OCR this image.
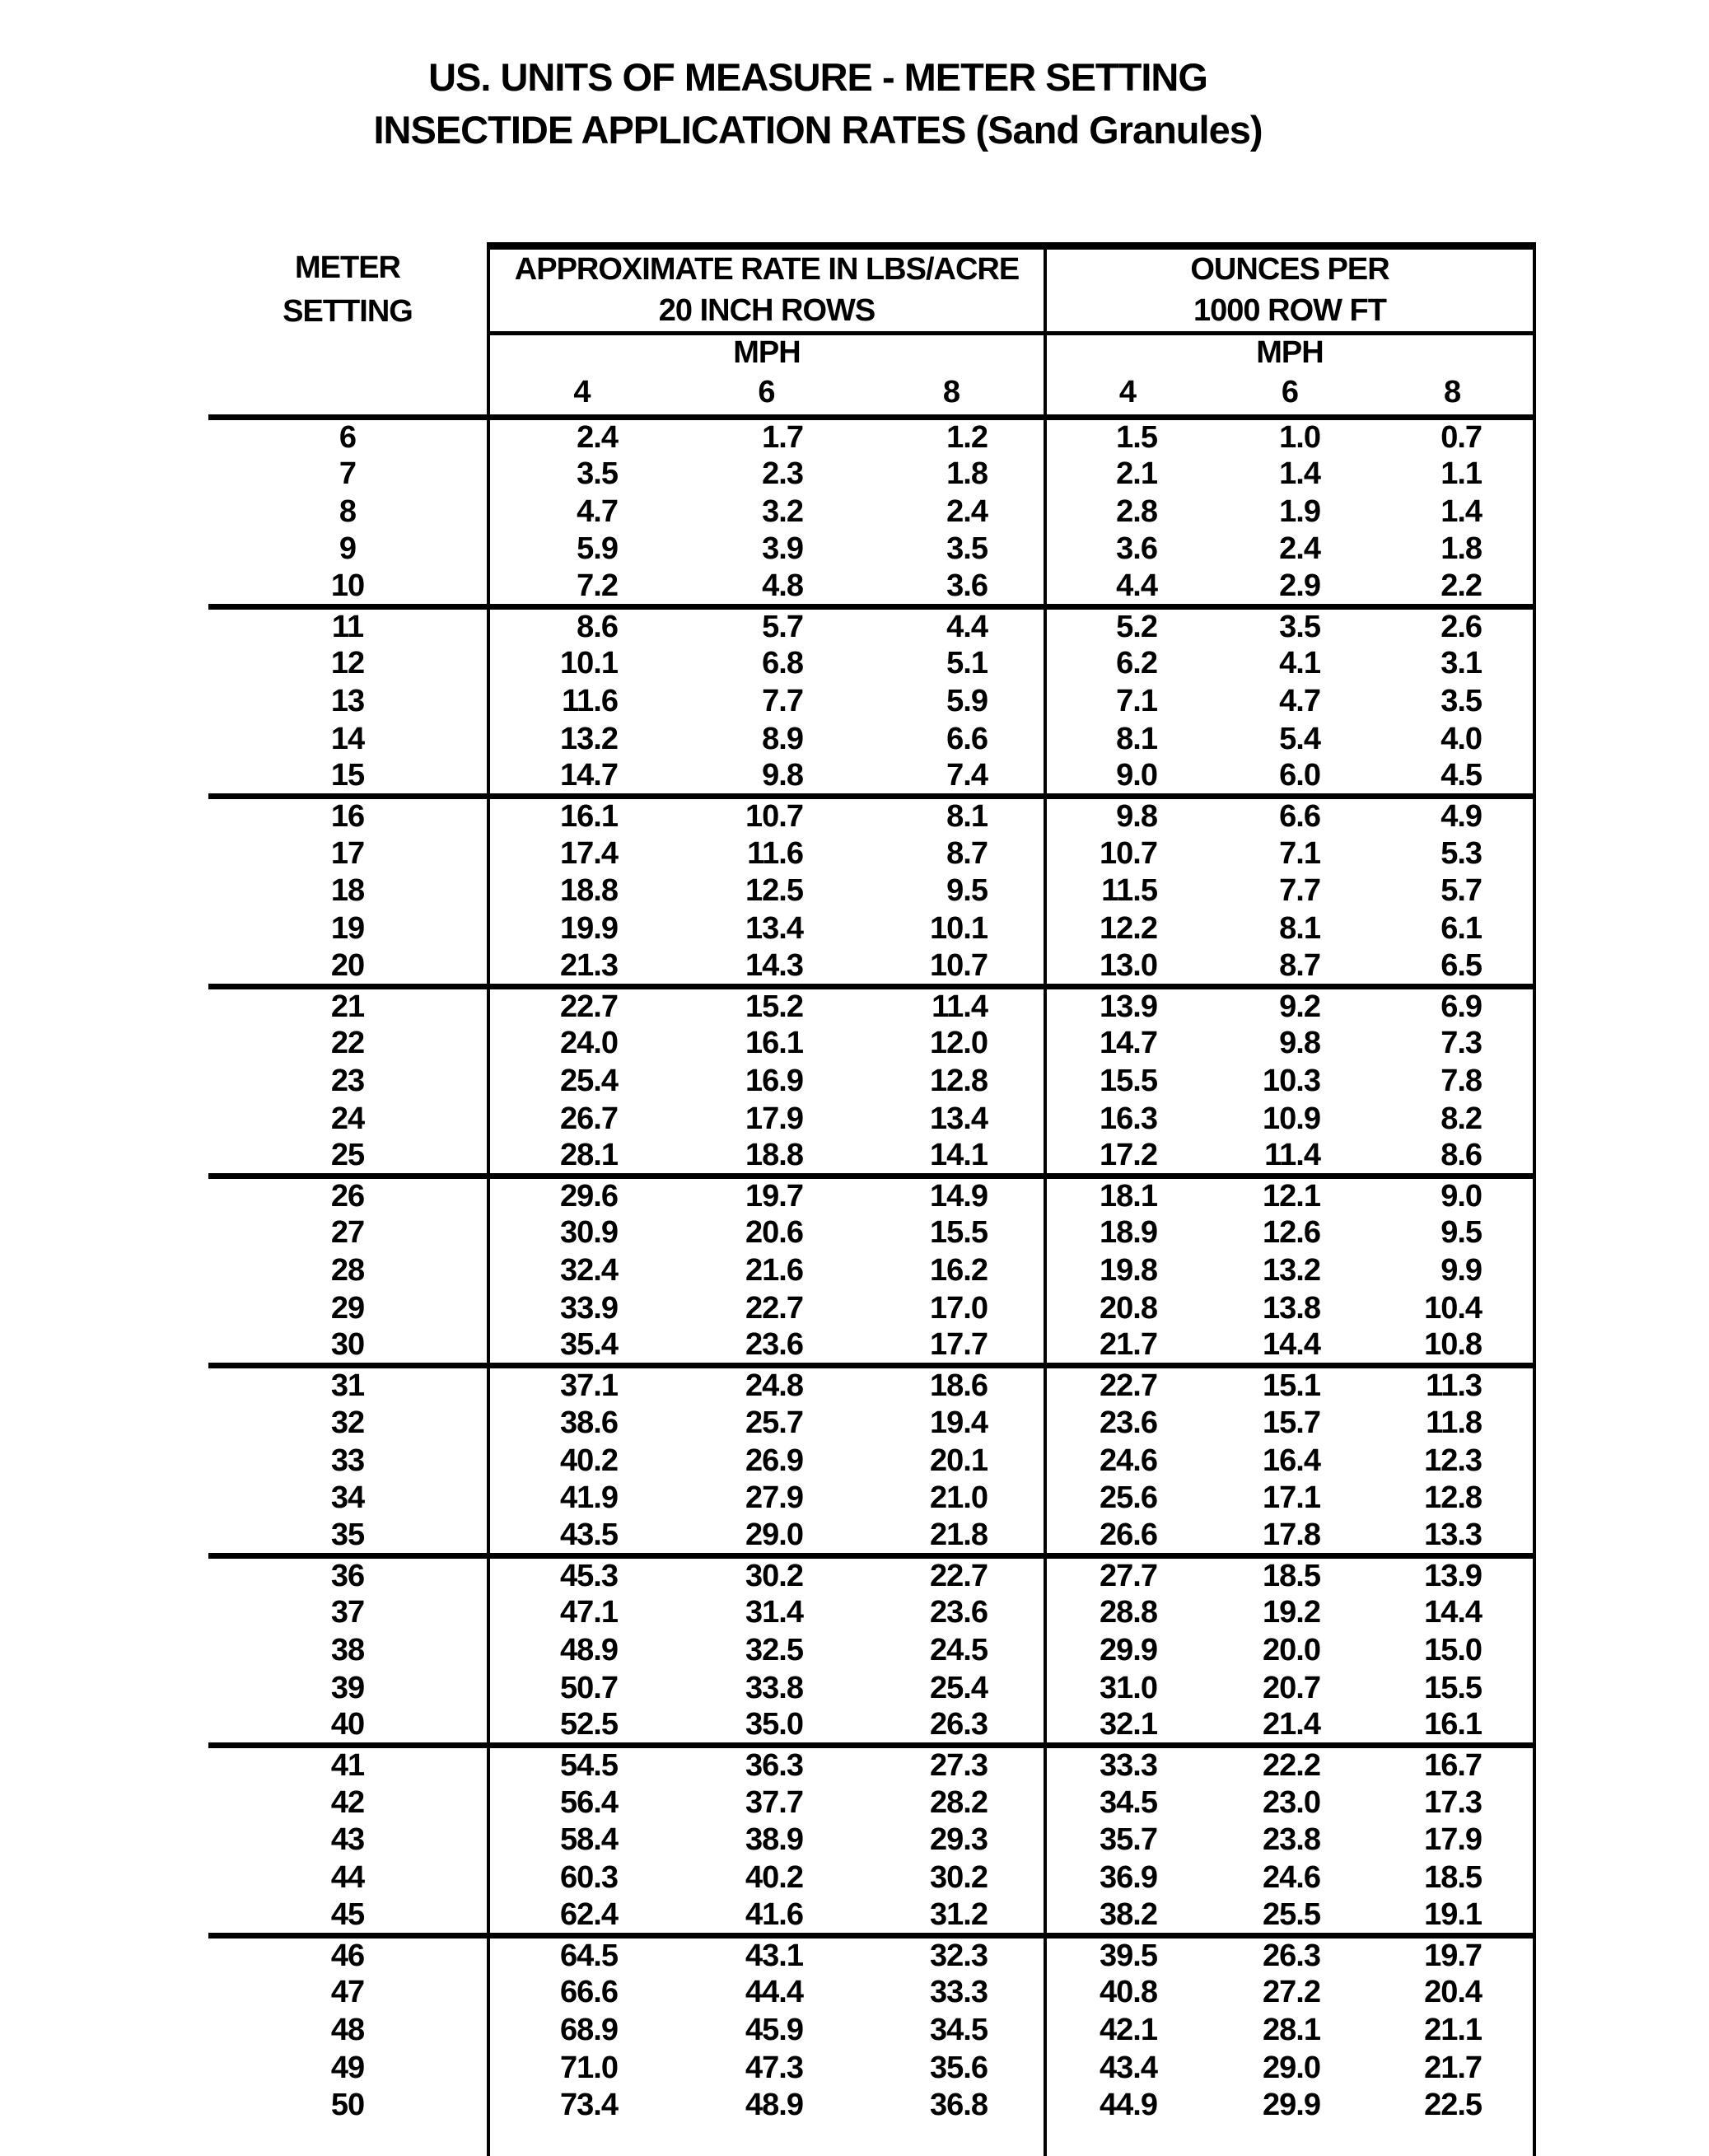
US. UNITS OF MEASURE - METER SETTING
INSECTIDE APPLICATION RATES (Sand Granules)
METER	APPROXIMATE RATE IN LBS/ACRE			OUNCES PER		
SETTING	20 INCH ROWS			1000 ROW FT		
	MPH			MPH		
	4	6	8	4	6	8
6	2.4	1.7	1.2	1.5	1.0	0.7
7	3.5	2.3	1.8	2.1	1.4	1.1
8	4.7	3.2	2.4	2.8	1.9	1.4
9	5.9	3.9	3.5	3.6	2.4	1.8
10	7.2	4.8	3.6	4.4	2.9	2.2
11	8.6	5.7	4.4	5.2	3.5	2.6
12	10.1	6.8	5.1	6.2	4.1	3.1
13	11.6	7.7	5.9	7.1	4.7	3.5
14	13.2	8.9	6.6	8.1	5.4	4.0
15	14.7	9.8	7.4	9.0	6.0	4.5
16	16.1	10.7	8.1	9.8	6.6	4.9
17	17.4	11.6	8.7	10.7	7.1	5.3
18	18.8	12.5	9.5	11.5	7.7	5.7
19	19.9	13.4	10.1	12.2	8.1	6.1
20	21.3	14.3	10.7	13.0	8.7	6.5
21	22.7	15.2	11.4	13.9	9.2	6.9
22	24.0	16.1	12.0	14.7	9.8	7.3
23	25.4	16.9	12.8	15.5	10.3	7.8
24	26.7	17.9	13.4	16.3	10.9	8.2
25	28.1	18.8	14.1	17.2	11.4	8.6
26	29.6	19.7	14.9	18.1	12.1	9.0
27	30.9	20.6	15.5	18.9	12.6	9.5
28	32.4	21.6	16.2	19.8	13.2	9.9
29	33.9	22.7	17.0	20.8	13.8	10.4
30	35.4	23.6	17.7	21.7	14.4	10.8
31	37.1	24.8	18.6	22.7	15.1	11.3
32	38.6	25.7	19.4	23.6	15.7	11.8
33	40.2	26.9	20.1	24.6	16.4	12.3
34	41.9	27.9	21.0	25.6	17.1	12.8
35	43.5	29.0	21.8	26.6	17.8	13.3
36	45.3	30.2	22.7	27.7	18.5	13.9
37	47.1	31.4	23.6	28.8	19.2	14.4
38	48.9	32.5	24.5	29.9	20.0	15.0
39	50.7	33.8	25.4	31.0	20.7	15.5
40	52.5	35.0	26.3	32.1	21.4	16.1
41	54.5	36.3	27.3	33.3	22.2	16.7
42	56.4	37.7	28.2	34.5	23.0	17.3
43	58.4	38.9	29.3	35.7	23.8	17.9
44	60.3	40.2	30.2	36.9	24.6	18.5
45	62.4	41.6	31.2	38.2	25.5	19.1
46	64.5	43.1	32.3	39.5	26.3	19.7
47	66.6	44.4	33.3	40.8	27.2	20.4
48	68.9	45.9	34.5	42.1	28.1	21.1
49	71.0	47.3	35.6	43.4	29.0	21.7
50	73.4	48.9	36.8	44.9	29.9	22.5
